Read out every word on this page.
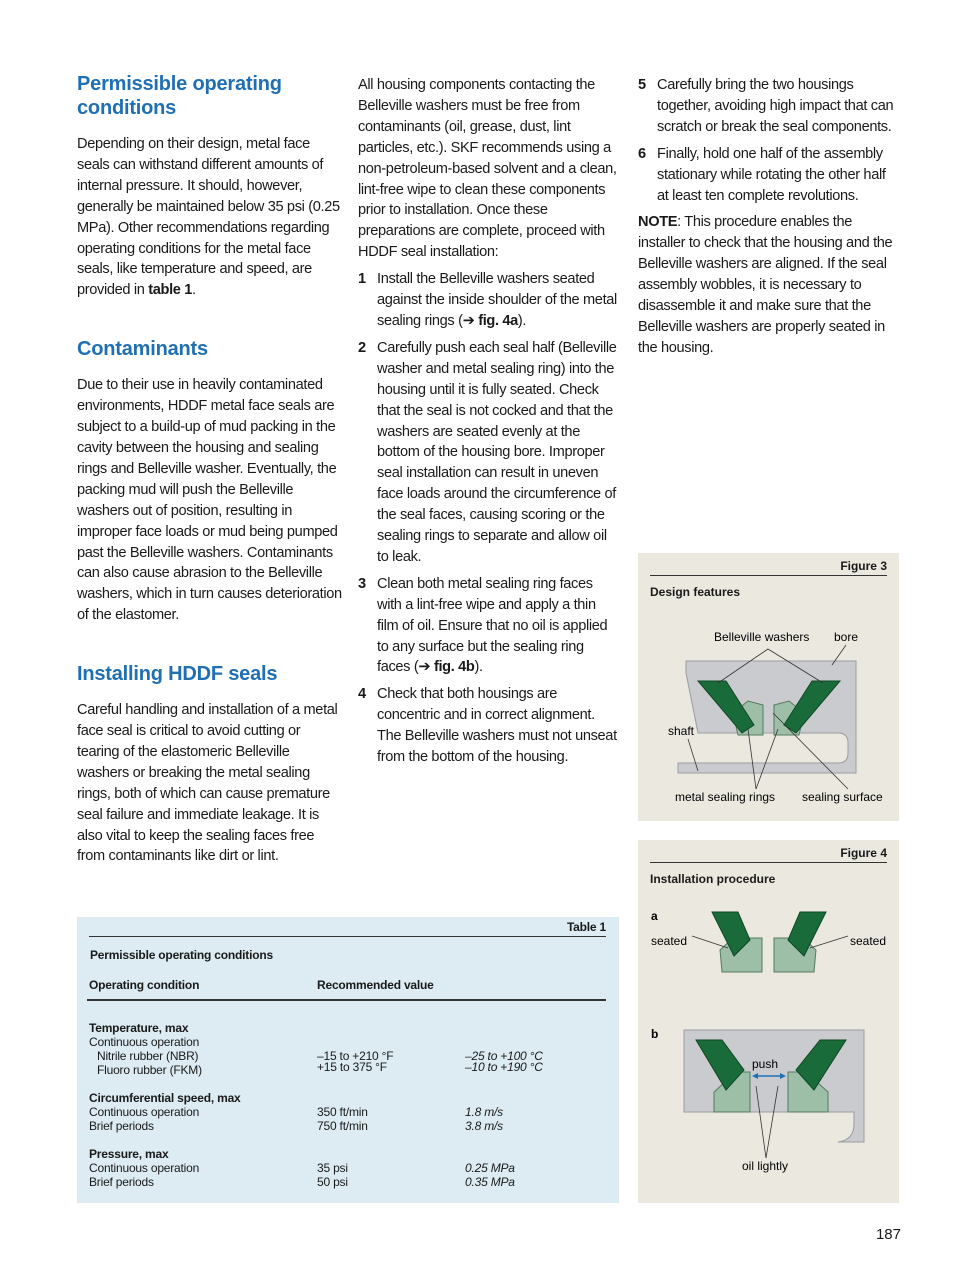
Permissible operating conditions

Depending on their design, metal face seals can withstand different amounts of internal pressure. It should, however, generally be maintained below 35 psi (0.25 MPa). Other recommendations regarding operating conditions for the metal face seals, like temperature and speed, are provided in table 1.

Contaminants

Due to their use in heavily contaminated environments, HDDF metal face seals are subject to a build-up of mud packing in the cavity between the housing and sealing rings and Belleville washer. Eventually, the packing mud will push the Belleville washers out of position, resulting in improper face loads or mud being pumped past the Belleville washers. Contaminants can also cause abrasion to the Belleville washers, which in turn causes deterioration of the elastomer.

Installing HDDF seals

Careful handling and installation of a metal face seal is critical to avoid cutting or tearing of the elastomeric Belleville washers or breaking the metal sealing rings, both of which can cause premature seal failure and immediate leakage. It is also vital to keep the sealing faces free from contaminants like dirt or lint.

All housing components contacting the Belleville washers must be free from contaminants (oil, grease, dust, lint particles, etc.). SKF recommends using a non-petroleum-based solvent and a clean, lint-free wipe to clean these components prior to installation. Once these preparations are complete, proceed with HDDF seal installation:

1 Install the Belleville washers seated against the inside shoulder of the metal sealing rings (➔ fig. 4a).
2 Carefully push each seal half (Belleville washer and metal sealing ring) into the housing until it is fully seated. Check that the seal is not cocked and that the washers are seated evenly at the bottom of the housing bore. Improper seal installation can result in uneven face loads around the circumference of the seal faces, causing scoring or the sealing rings to separate and allow oil to leak.
3 Clean both metal sealing ring faces with a lint-free wipe and apply a thin film of oil. Ensure that no oil is applied to any surface but the sealing ring faces (➔ fig. 4b).
4 Check that both housings are concentric and in correct alignment. The Belleville washers must not unseat from the bottom of the housing.
5 Carefully bring the two housings together, avoiding high impact that can scratch or break the seal components.
6 Finally, hold one half of the assembly stationary while rotating the other half at least ten complete revolutions.

NOTE: This procedure enables the installer to check that the housing and the Belleville washers are aligned. If the seal assembly wobbles, it is necessary to disassemble it and make sure that the Belleville washers are properly seated in the housing.

Figure 3
Design features
Belleville washers bore
shaft
metal sealing rings sealing surface
Figure 4
Installation procedure
a
seated	seated
b
push
oil lightly
Table 1
Permissible operating conditions
Operating condition	Recommended value
Temperature, max
Continuous operation
Nitrile rubber (NBR)	–15 to +210 °F	–25 to +100 °C
Fluoro rubber (FKM)	+15 to 375 °F	–10 to +190 °C
Circumferential speed, max
Continuous operation	350 ft/min	1.8 m/s
Brief periods	750 ft/min	3.8 m/s
Pressure, max
Continuous operation	35 psi	0.25 MPa
Brief periods	50 psi	0.35 MPa
187
